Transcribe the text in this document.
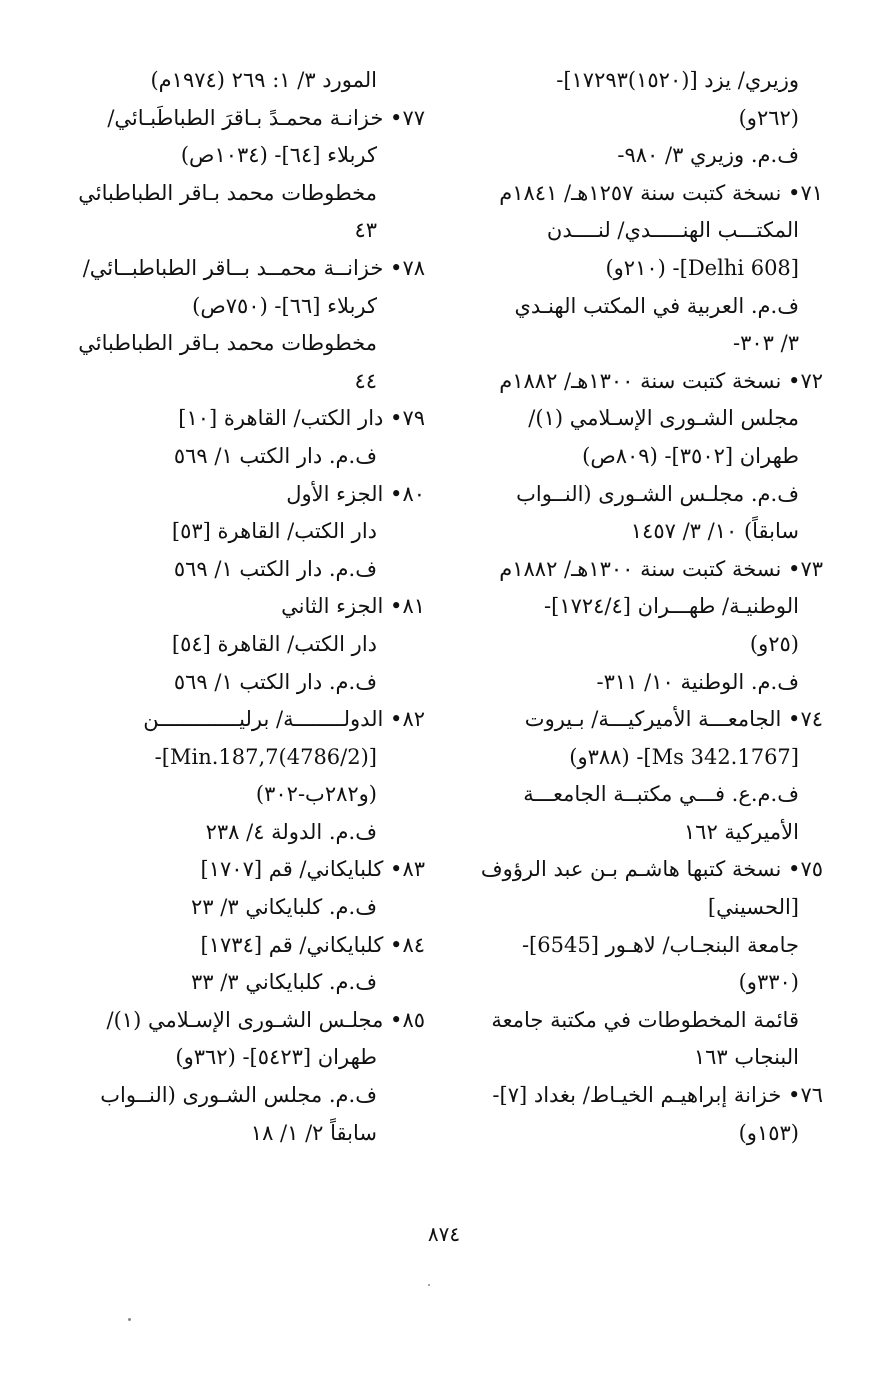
وزيري/ يزد [(١٥٢٠)١٧٢٩٣]-
(٢٦٢و)
ف.م. وزيري ٣/ ٩٨٠-
٧١• نسخة كتبت سنة ١٢٥٧هـ/ ١٨٤١م
المكتـــب الهنـــــدي/ لنــــدن
[Delhi 608]- (٢١٠و)
ف.م. العربية في المكتب الهنـدي
٣/ ٣٠٣-
٧٢• نسخة كتبت سنة ١٣٠٠هـ/ ١٨٨٢م
مجلس الشـورى الإسـلامي (١)/
طهران [٣٥٠٢]- (٨٠٩ص)
ف.م. مجلـس الشـورى (النــواب
سابقاً) ١٠/ ٣/ ١٤٥٧
٧٣• نسخة كتبت سنة ١٣٠٠هـ/ ١٨٨٢م
الوطنيـة/ طهـــران [١٧٢٤/٤]-
(٢٥و)
ف.م. الوطنية ١٠/ ٣١١-
٧٤• الجامعـــة الأميركيـــة/ بـيروت
[Ms 342.1767]- (٣٨٨و)
ف.م.ع. فـــي مكتبــة الجامعـــة
الأميركية ١٦٢
٧٥• نسخة كتبها هاشـم بـن عبد الرؤوف
[الحسيني]
جامعة البنجـاب/ لاهـور [6545]-
(٣٣٠و)
قائمة المخطوطات في مكتبة جامعة
البنجاب ١٦٣
٧٦• خزانة إبراهيـم الخيـاط/ بغداد [٧]-
(١٥٣و)
المورد ٣/ ١: ٢٦٩ (١٩٧٤م)
٧٧• خزانـة محمـدً بـاقرَ الطباطَبـائي/
كربلاء [٦٤]- (١٠٣٤ص)
مخطوطات محمد بـاقر الطباطبائي
٤٣
٧٨• خزانــة محمــد بــاقر الطباطبــائي/
كربلاء [٦٦]- (٧٥٠ص)
مخطوطات محمد بـاقر الطباطبائي
٤٤
٧٩• دار الكتب/ القاهرة [١٠]
ف.م. دار الكتب ١/ ٥٦٩
٨٠• الجزء الأول
دار الكتب/ القاهرة [٥٣]
ف.م. دار الكتب ١/ ٥٦٩
٨١• الجزء الثاني
دار الكتب/ القاهرة [٥٤]
ف.م. دار الكتب ١/ ٥٦٩
٨٢• الدولــــــــة/ برليـــــــــــــن
[(4786/2)Min.187,7]-
(و٢٨٢ب-٣٠٢)
ف.م. الدولة ٤/ ٢٣٨
٨٣• كلبايكاني/ قم [١٧٠٧]
ف.م. كلبايكاني ٣/ ٢٣
٨٤• كلبايكاني/ قم [١٧٣٤]
ف.م. كلبايكاني ٣/ ٣٣
٨٥• مجلـس الشـورى الإسـلامي (١)/
طهران [٥٤٢٣]- (٣٦٢و)
ف.م. مجلس الشـورى (النــواب
سابقاً ٢/ ١/ ١٨
٨٧٤
